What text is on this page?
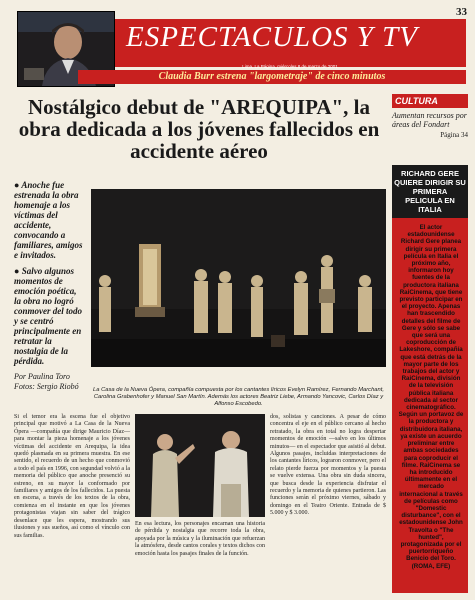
33
ESPECTACULOS Y TV
Lima, La Página, miércoles 8 de marzo de 2001
Claudia Burr estrena "largometraje" de cinco minutos
Nostálgico debut de "AREQUIPA", la obra dedicada a los jóvenes fallecidos en accidente aéreo
CULTURA
Aumentan recursos por áreas del Fondart
Página 34
RICHARD GERE QUIERE DIRIGIR SU PRIMERA PELICULA EN ITALIA
El actor estadounidense Richard Gere planea dirigir su primera película en Italia el próximo año, informaron hoy fuentes de la productora italiana RaiCinema, que tiene previsto participar en el proyecto. Apenas han trascendido detalles del filme de Gere y sólo se sabe que será una coproducción de Lakeshore, compañía que está detrás de la mayor parte de los trabajos del actor y RaiCinema, división de la televisión pública italiana dedicada al sector cinematográfico. Según un portavoz de la productora y distribuidora italiana, ya existe un acuerdo preliminar entre ambas sociedades para coproducir el filme. RaiCinema se ha introducido últimamente en el mercado internacional a través de películas como "Domestic disturbance", con el estadounidense John Travolta o "The hunted", protagonizada por el puertorriqueño Benicio del Toro. (ROMA, EFE)

● Anoche fue estrenada la obra homenaje a los víctimas del accidente, convocando a familiares, amigos e invitados.

● Salvo algunos momentos de emoción poética, la obra no logró conmover del todo y se centró principalmente en retratar la nostalgia de la pérdida.

Por Paulina Toro
Fotos: Sergio Riobó	La Casa de la Nueva Ópera, compañía compuesta por los cantantes líricos Evelyn Ramírez, Fernando Marchant, Carolina Grabenhofer y Manuel San Martín. Además los actores Beatriz Liebe, Armando Yancovic, Carlos Díaz y Alfonso Escobedo.
Si el temor era la escena fue el objetivo principal que motivó a La Casa de la Nueva Ópera —compañía que dirige Mauricio Díaz— para montar la pieza homenaje a los jóvenes víctimas del accidente en Arequipa, la idea quedó plasmada en su primera muestra. En ese sentido, el recuerdo de un hecho que conmovió a todo el país en 1996, con segundad volvió a la memoria del público que anoche presenció su estreno, en su mayor la conformado por familiares y amigos de los fallecidos. La puesta en escena, a través de los textos de la obra, comienza en el instante en que los jóvenes protagonistas viajan sin saber del trágico desenlace que les espera, mostrando sus ilusiones y sus sueños, así como el vínculo con sus familias.
En esa lectura, los personajes encarnan una historia de pérdida y nostalgia que recorre toda la obra, apoyada por la música y la iluminación que refuerzan la atmósfera, desde cantos corales y textos dichos con emoción hasta los pasajes finales de la función.
dos, solistas y canciones. A pesar de cómo concentra el eje en el público cercano al hecho retratado, la obra en total no logra despertar momentos de emoción —salvo en los últimos minutos— en el espectador que asistió al debut. Algunos pasajes, incluidas interpretaciones de los cantantes líricos, lograron conmover, pero el relato pierde fuerza por momentos y la puesta se vuelve extensa. Una obra sin duda sincera, que busca desde la experiencia disfrutar el recuerdo y la memoria de quienes partieron. Las funciones serán el próximo viernes, sábado y domingo en el Teatro Oriente. Entrada de $ 5.000 y $ 3.000.
